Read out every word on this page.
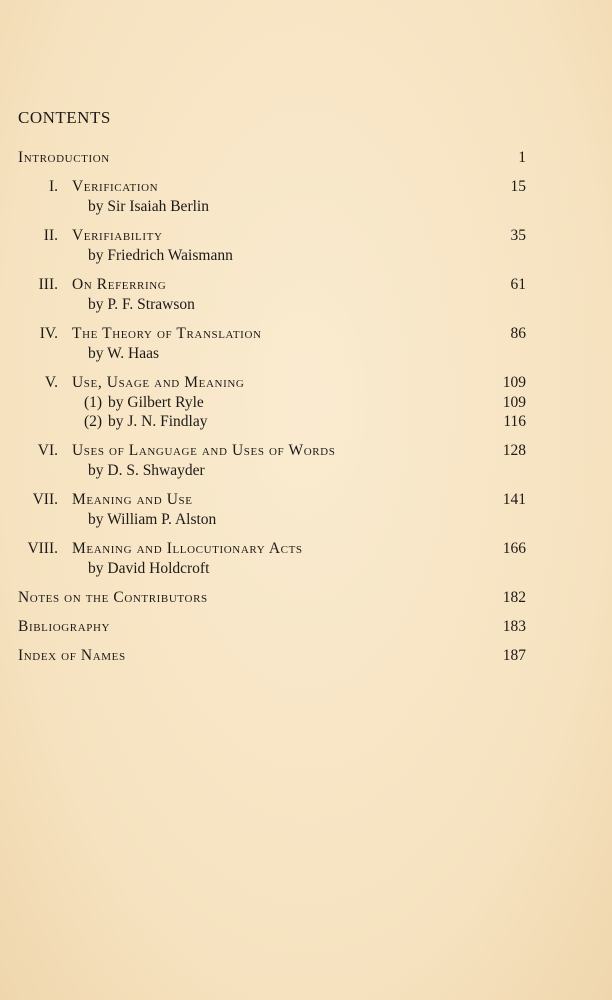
CONTENTS
Introduction	1
I. Verification	15
by Sir Isaiah Berlin
II. Verifiability	35
by Friedrich Waismann
III. On Referring	61
by P. F. Strawson
IV. The Theory of Translation	86
by W. Haas
V. Use, Usage and Meaning	109
(1) by Gilbert Ryle	109
(2) by J. N. Findlay	116
VI. Uses of Language and Uses of Words	128
by D. S. Shwayder
VII. Meaning and Use	141
by William P. Alston
VIII. Meaning and Illocutionary Acts	166
by David Holdcroft
Notes on the Contributors	182
Bibliography	183
Index of Names	187
